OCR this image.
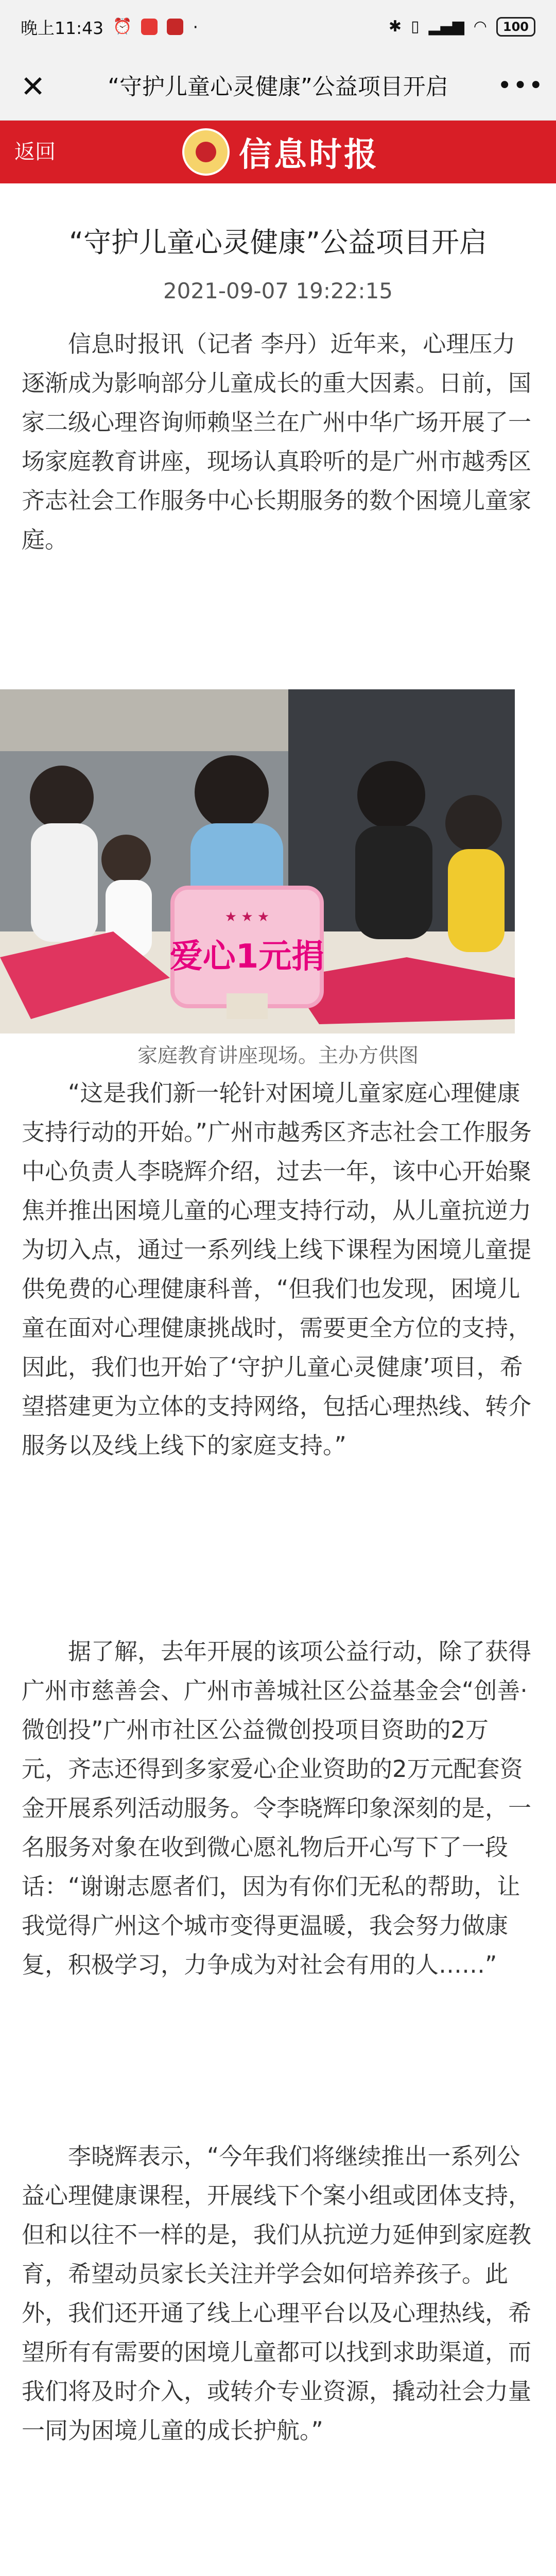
晚上11:43 ⏰	·	✱ ▯ ▂▄▆ ◠	100
✕	“守护儿童心灵健康”公益项目开启	•••
返回	信息时报
“守护儿童心灵健康”公益项目开启
2021-09-07 19:22:15

信息时报讯（记者 李丹）近年来，心理压力逐渐成为影响部分儿童成长的重大因素。日前，国家二级心理咨询师赖坚兰在广州中华广场开展了一场家庭教育讲座，现场认真聆听的是广州市越秀区齐志社会工作服务中心长期服务的数个困境儿童家庭。

★ ★ ★
爱心1元捐
家庭教育讲座现场。主办方供图

“这是我们新一轮针对困境儿童家庭心理健康支持行动的开始。”广州市越秀区齐志社会工作服务中心负责人李晓辉介绍，过去一年，该中心开始聚焦并推出困境儿童的心理支持行动，从儿童抗逆力为切入点，通过一系列线上线下课程为困境儿童提供免费的心理健康科普，“但我们也发现，困境儿童在面对心理健康挑战时，需要更全方位的支持，因此，我们也开始了‘守护儿童心灵健康’项目，希望搭建更为立体的支持网络，包括心理热线、转介服务以及线上线下的家庭支持。”

据了解，去年开展的该项公益行动，除了获得广州市慈善会、广州市善城社区公益基金会“创善·微创投”广州市社区公益微创投项目资助的2万元，齐志还得到多家爱心企业资助的2万元配套资金开展系列活动服务。令李晓辉印象深刻的是，一名服务对象在收到微心愿礼物后开心写下了一段话：“谢谢志愿者们，因为有你们无私的帮助，让我觉得广州这个城市变得更温暖，我会努力做康复，积极学习，力争成为对社会有用的人……”

李晓辉表示，“今年我们将继续推出一系列公益心理健康课程，开展线下个案小组或团体支持，但和以往不一样的是，我们从抗逆力延伸到家庭教育，希望动员家长关注并学会如何培养孩子。此外，我们还开通了线上心理平台以及心理热线，希望所有有需要的困境儿童都可以找到求助渠道，而我们将及时介入，或转介专业资源，撬动社会力量一同为困境儿童的成长护航。”
